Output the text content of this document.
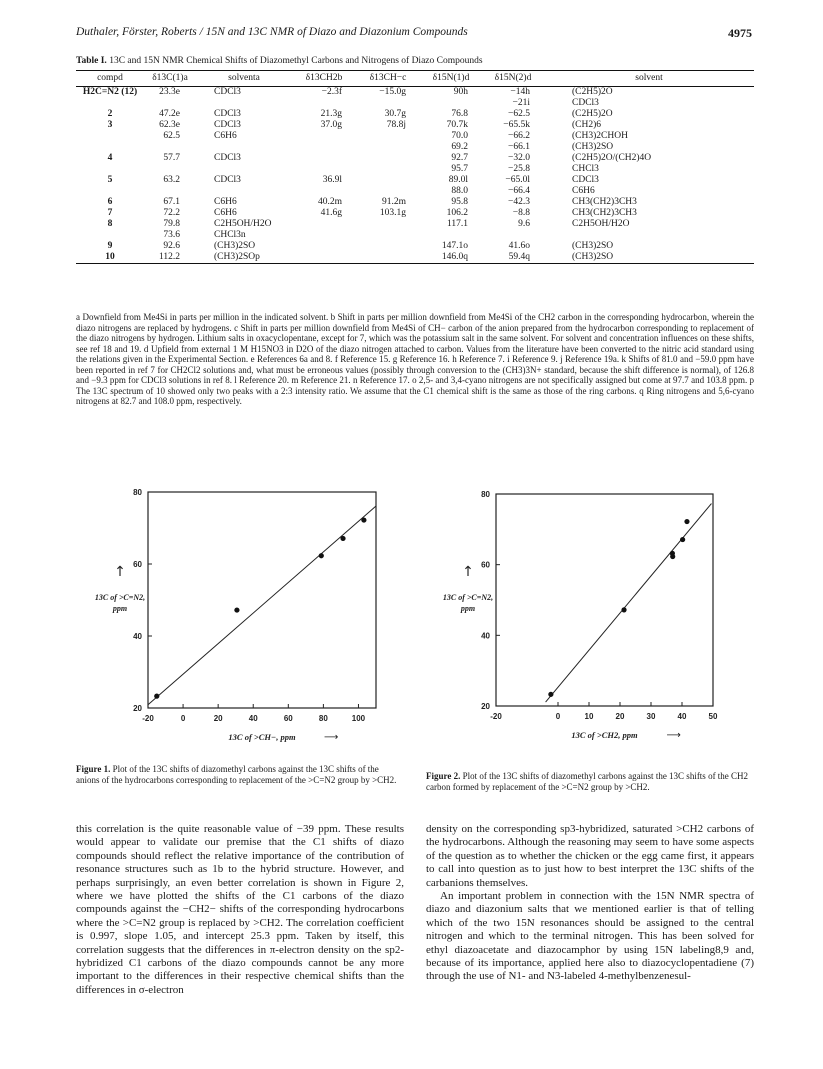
Duthaler, Förster, Roberts / 15N and 13C NMR of Diazo and Diazonium Compounds	4975
Table I. 13C and 15N NMR Chemical Shifts of Diazomethyl Carbons and Nitrogens of Diazo Compounds
compd	δ13C(1)a	solventa	δ13CH2b	δ13CH−c	δ15N(1)d	δ15N(2)d	solvent
H2C=N2 (12)	23.3e	CDCl3	−2.3f	−15.0g	90h	−14h	(C2H5)2O
						−21i	CDCl3
2	47.2e	CDCl3	21.3g	30.7g	76.8	−62.5	(C2H5)2O
3	62.3e	CDCl3	37.0g	78.8j	70.7k	−65.5k	(CH2)6
	62.5	C6H6			70.0	−66.2	(CH3)2CHOH
					69.2	−66.1	(CH3)2SO
4	57.7	CDCl3			92.7	−32.0	(C2H5)2O/(CH2)4O
					95.7	−25.8	CHCl3
5	63.2	CDCl3	36.9l		89.0l	−65.0l	CDCl3
					88.0	−66.4	C6H6
6	67.1	C6H6	40.2m	91.2m	95.8	−42.3	CH3(CH2)3CH3
7	72.2	C6H6	41.6g	103.1g	106.2	−8.8	CH3(CH2)3CH3
8	79.8	C2H5OH/H2O			117.1	9.6	C2H5OH/H2O
	73.6	CHCl3n					
9	92.6	(CH3)2SO			147.1o	41.6o	(CH3)2SO
10	112.2	(CH3)2SOp			146.0q	59.4q	(CH3)2SO
a Downfield from Me4Si in parts per million in the indicated solvent. b Shift in parts per million downfield from Me4Si of the CH2 carbon in the corresponding hydrocarbon, wherein the diazo nitrogens are replaced by hydrogens. c Shift in parts per million downfield from Me4Si of CH− carbon of the anion prepared from the hydrocarbon corresponding to replacement of the diazo nitrogens by hydrogen. Lithium salts in oxacyclopentane, except for 7, which was the potassium salt in the same solvent. For solvent and concentration influences on these shifts, see ref 18 and 19. d Upfield from external 1 M H15NO3 in D2O of the diazo nitrogen attached to carbon. Values from the literature have been converted to the nitric acid standard using the relations given in the Experimental Section. e References 6a and 8. f Reference 15. g Reference 16. h Reference 7. i Reference 9. j Reference 19a. k Shifts of 81.0 and −59.0 ppm have been reported in ref 7 for CH2Cl2 solutions and, what must be erroneous values (possibly through conversion to the (CH3)3N+ standard, because the shift difference is normal), of 126.8 and −9.3 ppm for CDCl3 solutions in ref 8. l Reference 20. m Reference 21. n Reference 17. o 2,5- and 3,4-cyano nitrogens are not specifically assigned but come at 97.7 and 103.8 ppm. p The 13C spectrum of 10 showed only two peaks with a 2:3 intensity ratio. We assume that the C1 chemical shift is the same as those of the ring carbons. q Ring nitrogens and 5,6-cyano nitrogens at 82.7 and 108.0 ppm, respectively.
-20	0	20	40	60	80	100
20
40
60
80
↑
13C of >C=N2,
ppm
13C of >CH−, ppm	⟶
Figure 1. Plot of the 13C shifts of diazomethyl carbons against the 13C shifts of the anions of the hydrocarbons corresponding to replacement of the >C=N2 group by >CH2.
-20	0	10	20	30	40	50
20
40
60
80
↑
13C of >C=N2,
ppm
13C of >CH2, ppm	⟶
Figure 2. Plot of the 13C shifts of diazomethyl carbons against the 13C shifts of the CH2 carbon formed by replacement of the >C=N2 group by >CH2.

this correlation is the quite reasonable value of −39 ppm. These results would appear to validate our premise that the C1 shifts of diazo compounds should reflect the relative importance of the contribution of resonance structures such as 1b to the hybrid structure. However, and perhaps surprisingly, an even better correlation is shown in Figure 2, where we have plotted the shifts of the C1 carbons of the diazo compounds against the −CH2− shifts of the corresponding hydrocarbons where the >C=N2 group is replaced by >CH2. The correlation coefficient is 0.997, slope 1.05, and intercept 25.3 ppm. Taken by itself, this correlation suggests that the differences in π-electron density on the sp2-hybridized C1 carbons of the diazo compounds cannot be any more important to the differences in their respective chemical shifts than the differences in σ-electron

density on the corresponding sp3-hybridized, saturated >CH2 carbons of the hydrocarbons. Although the reasoning may seem to have some aspects of the question as to whether the chicken or the egg came first, it appears to call into question as to just how to best interpret the 13C shifts of the carbanions themselves.

An important problem in connection with the 15N NMR spectra of diazo and diazonium salts that we mentioned earlier is that of telling which of the two 15N resonances should be assigned to the central nitrogen and which to the terminal nitrogen. This has been solved for ethyl diazoacetate and diazocamphor by using 15N labeling8,9 and, because of its importance, applied here also to diazocyclopentadiene (7) through the use of N1- and N3-labeled 4-methylbenzenesul-
